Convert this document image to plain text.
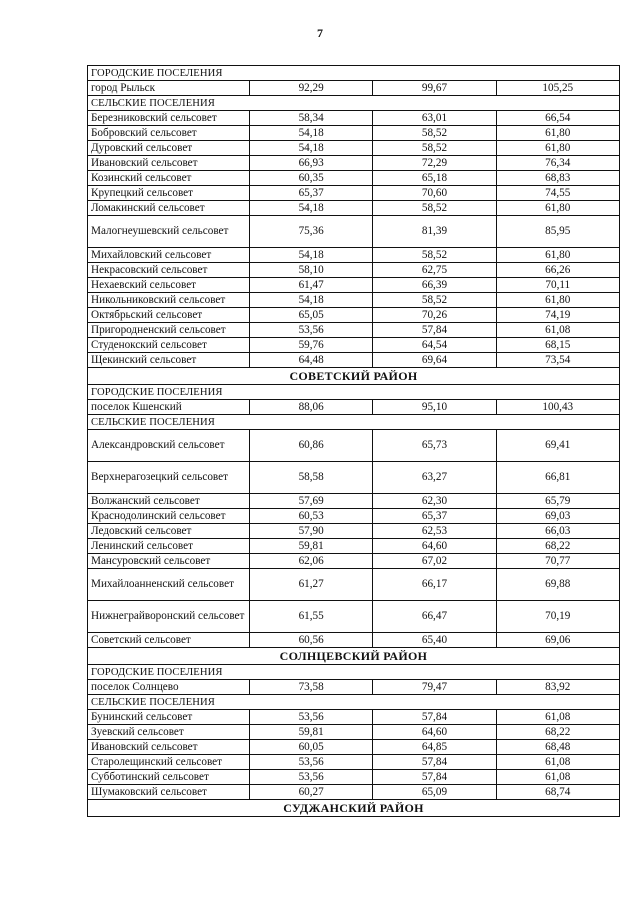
7
ГОРОДСКИЕ ПОСЕЛЕНИЯ			
город Рыльск	92,29	99,67	105,25
СЕЛЬСКИЕ ПОСЕЛЕНИЯ			
Березниковский сельсовет	58,34	63,01	66,54
Бобровский сельсовет	54,18	58,52	61,80
Дуровский сельсовет	54,18	58,52	61,80
Ивановский сельсовет	66,93	72,29	76,34
Козинский сельсовет	60,35	65,18	68,83
Крупецкий сельсовет	65,37	70,60	74,55
Ломакинский сельсовет	54,18	58,52	61,80
Малогнеушевский сельсовет	75,36	81,39	85,95
Михайловский сельсовет	54,18	58,52	61,80
Некрасовский сельсовет	58,10	62,75	66,26
Нехаевский сельсовет	61,47	66,39	70,11
Никольниковский сельсовет	54,18	58,52	61,80
Октябрьский сельсовет	65,05	70,26	74,19
Пригородненский сельсовет	53,56	57,84	61,08
Студенокский сельсовет	59,76	64,54	68,15
Щекинский сельсовет	64,48	69,64	73,54
СОВЕТСКИЙ РАЙОН			
ГОРОДСКИЕ ПОСЕЛЕНИЯ			
поселок Кшенский	88,06	95,10	100,43
СЕЛЬСКИЕ ПОСЕЛЕНИЯ			
Александровский сельсовет	60,86	65,73	69,41
Верхнерагозецкий сельсовет	58,58	63,27	66,81
Волжанский сельсовет	57,69	62,30	65,79
Краснодолинский сельсовет	60,53	65,37	69,03
Ледовский сельсовет	57,90	62,53	66,03
Ленинский сельсовет	59,81	64,60	68,22
Мансуровский сельсовет	62,06	67,02	70,77
Михайлоанненский сельсовет	61,27	66,17	69,88
Нижнеграйворонский сельсовет	61,55	66,47	70,19
Советский сельсовет	60,56	65,40	69,06
СОЛНЦЕВСКИЙ РАЙОН			
ГОРОДСКИЕ ПОСЕЛЕНИЯ			
поселок Солнцево	73,58	79,47	83,92
СЕЛЬСКИЕ ПОСЕЛЕНИЯ			
Бунинский сельсовет	53,56	57,84	61,08
Зуевский сельсовет	59,81	64,60	68,22
Ивановский сельсовет	60,05	64,85	68,48
Старолещинский сельсовет	53,56	57,84	61,08
Субботинский сельсовет	53,56	57,84	61,08
Шумаковский сельсовет	60,27	65,09	68,74
СУДЖАНСКИЙ РАЙОН			
